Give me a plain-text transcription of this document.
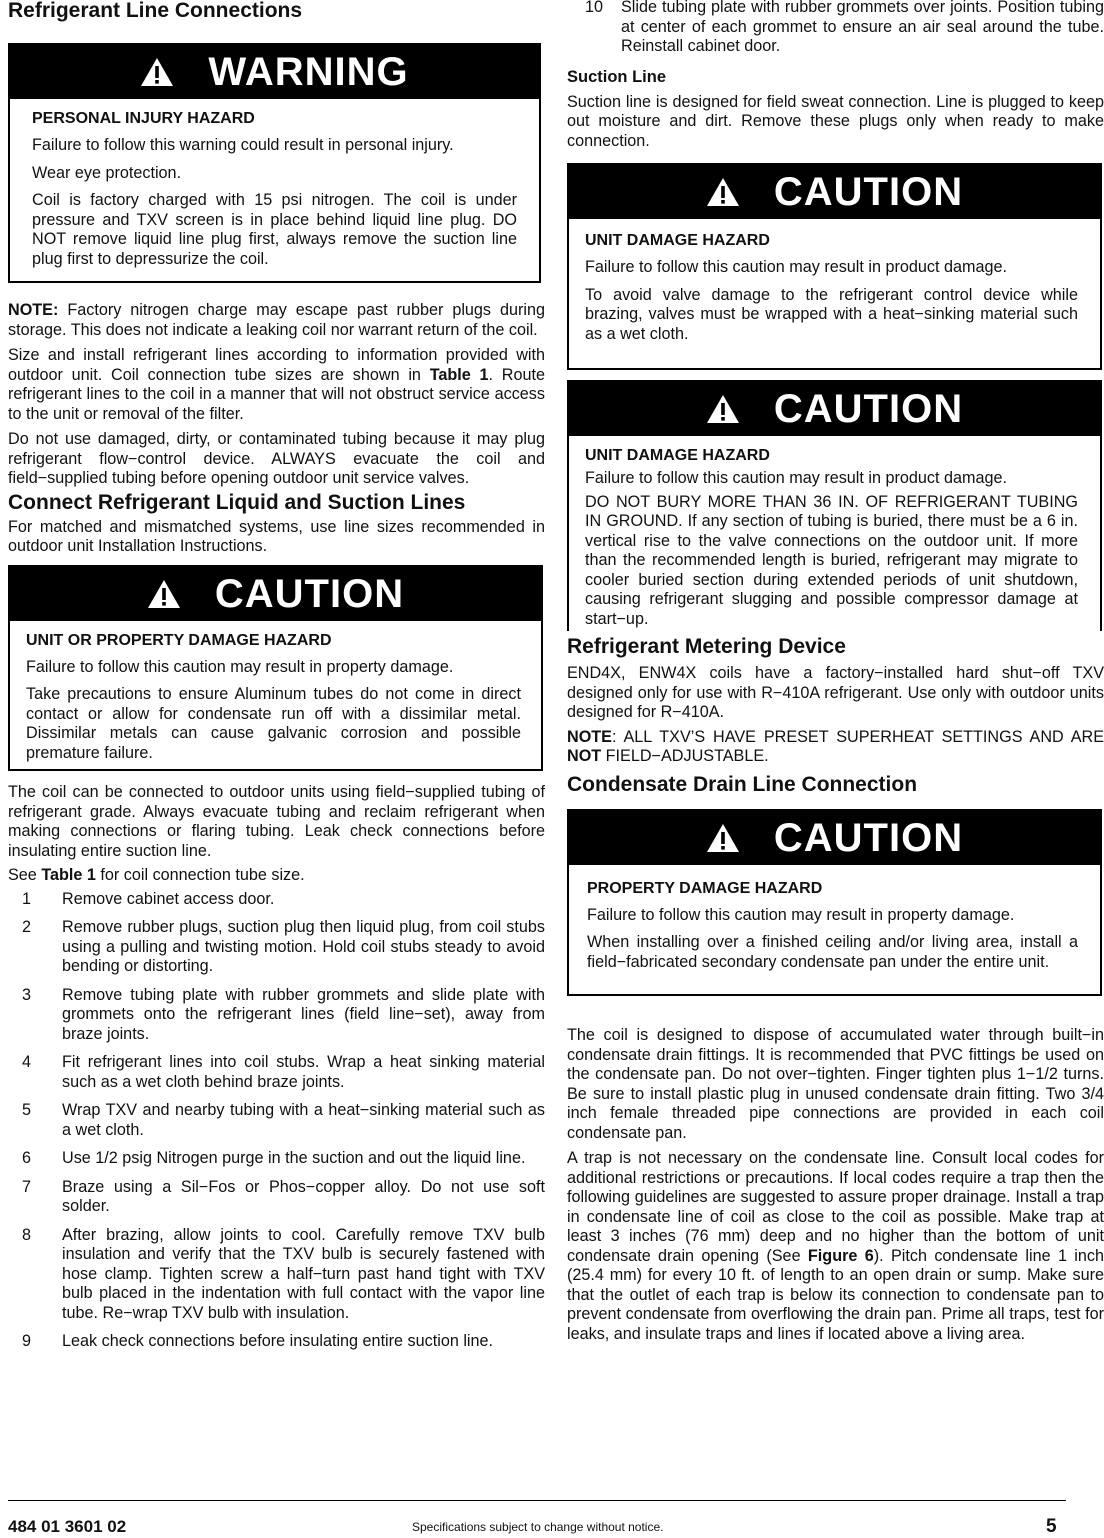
Refrigerant Line Connections
WARNING
PERSONAL INJURY HAZARD

Failure to follow this warning could result in personal injury.

Wear eye protection.

Coil is factory charged with 15 psi nitrogen. The coil is under pressure and TXV screen is in place behind liquid line plug. DO NOT remove liquid line plug first, always remove the suction line plug first to depressurize the coil.

NOTE: Factory nitrogen charge may escape past rubber plugs during storage. This does not indicate a leaking coil nor warrant return of the coil.

Size and install refrigerant lines according to information provided with outdoor unit. Coil connection tube sizes are shown in Table 1. Route refrigerant lines to the coil in a manner that will not obstruct service access to the unit or removal of the filter.

Do not use damaged, dirty, or contaminated tubing because it may plug refrigerant flow−control device. ALWAYS evacuate the coil and field−supplied tubing before opening outdoor unit service valves.

Connect Refrigerant Liquid and Suction Lines

For matched and mismatched systems, use line sizes recommended in outdoor unit Installation Instructions.

CAUTION
UNIT OR PROPERTY DAMAGE HAZARD

Failure to follow this caution may result in property damage.

Take precautions to ensure Aluminum tubes do not come in direct contact or allow for condensate run off with a dissimilar metal. Dissimilar metals can cause galvanic corrosion and possible premature failure.

The coil can be connected to outdoor units using field−supplied tubing of refrigerant grade. Always evacuate tubing and reclaim refrigerant when making connections or flaring tubing. Leak check connections before insulating entire suction line.

See Table 1 for coil connection tube size.

1	Remove cabinet access door.
2	Remove rubber plugs, suction plug then liquid plug, from coil stubs using a pulling and twisting motion. Hold coil stubs steady to avoid bending or distorting.
3	Remove tubing plate with rubber grommets and slide plate with grommets onto the refrigerant lines (field line−set), away from braze joints.
4	Fit refrigerant lines into coil stubs. Wrap a heat sinking material such as a wet cloth behind braze joints.
5	Wrap TXV and nearby tubing with a heat−sinking material such as a wet cloth.
6	Use 1/2 psig Nitrogen purge in the suction and out the liquid line.
7	Braze using a Sil−Fos or Phos−copper alloy. Do not use soft solder.
8	After brazing, allow joints to cool. Carefully remove TXV bulb insulation and verify that the TXV bulb is securely fastened with hose clamp. Tighten screw a half−turn past hand tight with TXV bulb placed in the indentation with full contact with the vapor line tube. Re−wrap TXV bulb with insulation.
9	Leak check connections before insulating entire suction line.
10	Slide tubing plate with rubber grommets over joints. Position tubing at center of each grommet to ensure an air seal around the tube. Reinstall cabinet door.
Suction Line

Suction line is designed for field sweat connection. Line is plugged to keep out moisture and dirt. Remove these plugs only when ready to make connection.

CAUTION
UNIT DAMAGE HAZARD

Failure to follow this caution may result in product damage.

To avoid valve damage to the refrigerant control device while brazing, valves must be wrapped with a heat−sinking material such as a wet cloth.

CAUTION
UNIT DAMAGE HAZARD

Failure to follow this caution may result in product damage.

DO NOT BURY MORE THAN 36 IN. OF REFRIGERANT TUBING IN GROUND. If any section of tubing is buried, there must be a 6 in. vertical rise to the valve connections on the outdoor unit. If more than the recommended length is buried, refrigerant may migrate to cooler buried section during extended periods of unit shutdown, causing refrigerant slugging and possible compressor damage at start−up.

Refrigerant Metering Device

END4X, ENW4X coils have a factory−installed hard shut−off TXV designed only for use with R−410A refrigerant. Use only with outdoor units designed for R−410A.

NOTE: ALL TXV’S HAVE PRESET SUPERHEAT SETTINGS AND ARE NOT FIELD−ADJUSTABLE.

Condensate Drain Line Connection
CAUTION
PROPERTY DAMAGE HAZARD

Failure to follow this caution may result in property damage.

When installing over a finished ceiling and/or living area, install a field−fabricated secondary condensate pan under the entire unit.

The coil is designed to dispose of accumulated water through built−in condensate drain fittings. It is recommended that PVC fittings be used on the condensate pan. Do not over−tighten. Finger tighten plus 1−1/2 turns. Be sure to install plastic plug in unused condensate drain fitting. Two 3/4 inch female threaded pipe connections are provided in each coil condensate pan.

A trap is not necessary on the condensate line. Consult local codes for additional restrictions or precautions. If local codes require a trap then the following guidelines are suggested to assure proper drainage. Install a trap in condensate line of coil as close to the coil as possible. Make trap at least 3 inches (76 mm) deep and no higher than the bottom of unit condensate drain opening (See Figure 6). Pitch condensate line 1 inch (25.4 mm) for every 10 ft. of length to an open drain or sump. Make sure that the outlet of each trap is below its connection to condensate pan to prevent condensate from overflowing the drain pan. Prime all traps, test for leaks, and insulate traps and lines if located above a living area.

484 01 3601 02	Specifications subject to change without notice.	5
